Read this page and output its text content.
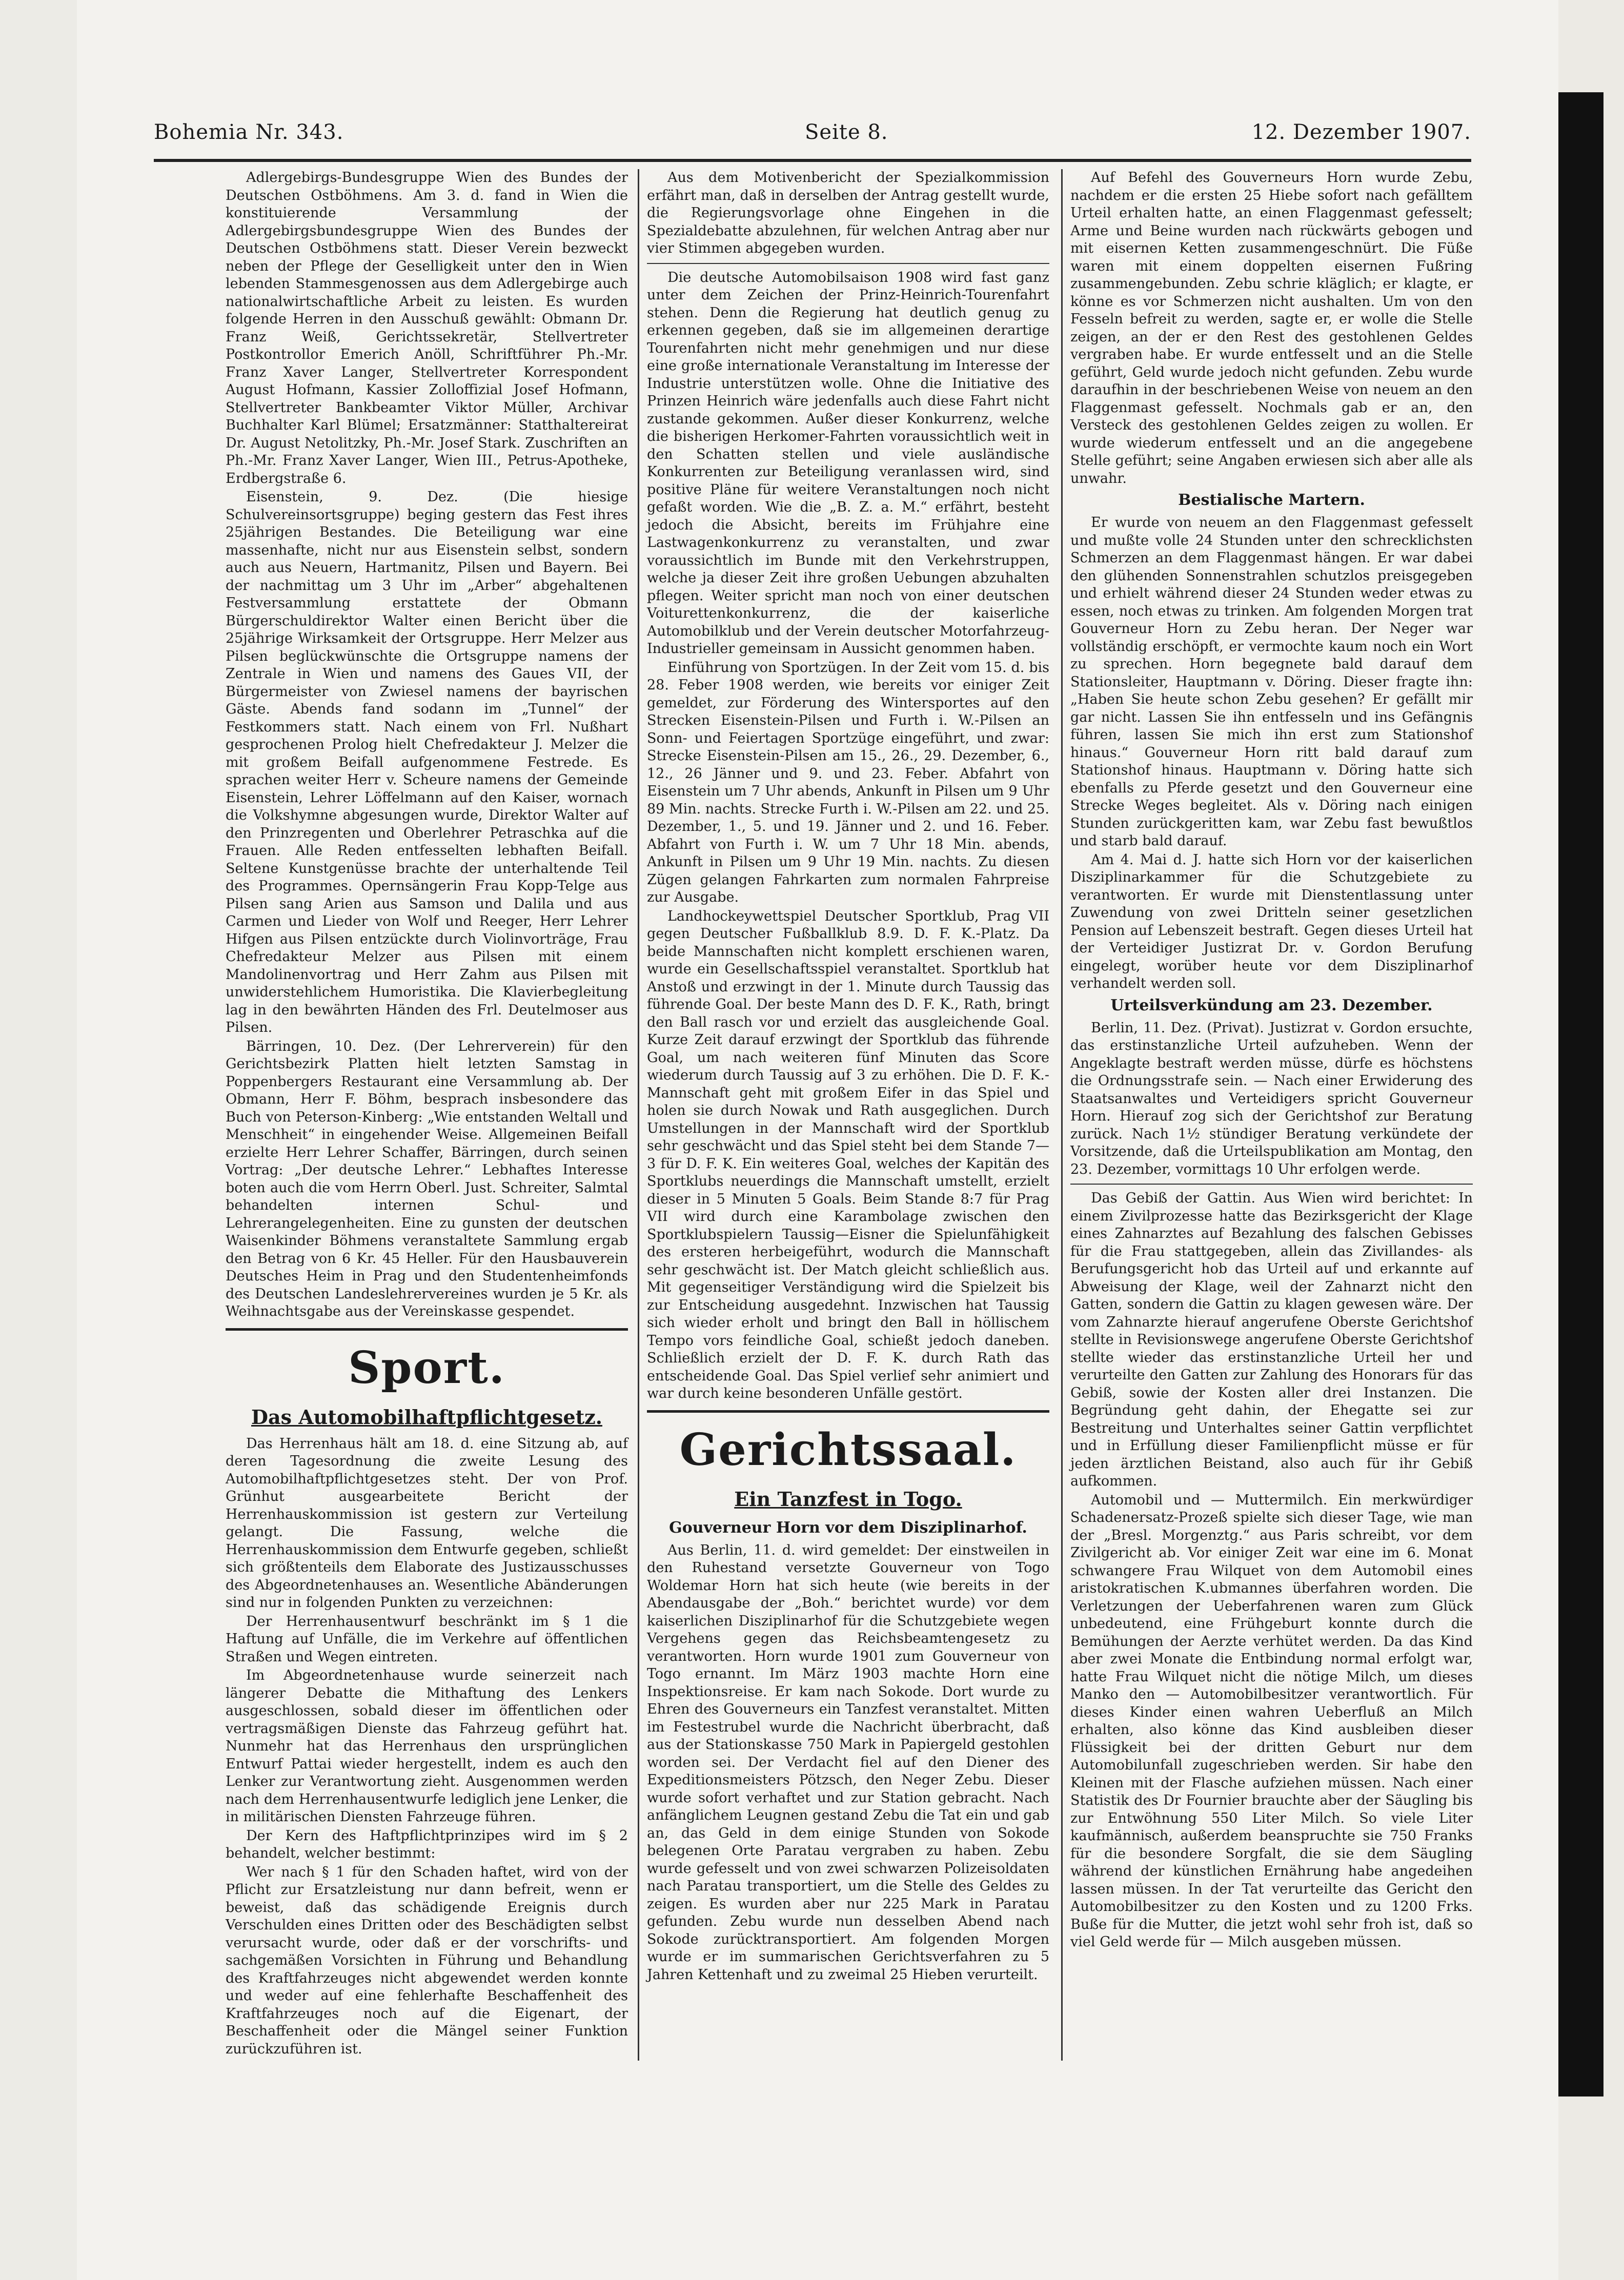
Bohemia Nr. 343.	Seite 8.	12. Dezember 1907.

Adlergebirgs-Bundesgruppe Wien des Bundes der Deutschen Ostböhmens. Am 3. d. fand in Wien die konstituierende Versammlung der Adlergebirgsbundesgruppe Wien des Bundes der Deutschen Ostböhmens statt. Dieser Verein bezweckt neben der Pflege der Geselligkeit unter den in Wien lebenden Stammesgenossen aus dem Adlergebirge auch nationalwirtschaftliche Arbeit zu leisten. Es wurden folgende Herren in den Ausschuß gewählt: Obmann Dr. Franz Weiß, Gerichtssekretär, Stellvertreter Postkontrollor Emerich Anöll, Schriftführer Ph.-Mr. Franz Xaver Langer, Stellvertreter Korrespondent August Hofmann, Kassier Zolloffizial Josef Hofmann, Stellvertreter Bankbeamter Viktor Müller, Archivar Buchhalter Karl Blümel; Ersatzmänner: Statthaltereirat Dr. August Netolitzky, Ph.-Mr. Josef Stark. Zuschriften an Ph.-Mr. Franz Xaver Langer, Wien III., Petrus-Apotheke, Erdbergstraße 6.

Eisenstein, 9. Dez. (Die hiesige Schulvereinsortsgruppe) beging gestern das Fest ihres 25jährigen Bestandes. Die Beteiligung war eine massenhafte, nicht nur aus Eisenstein selbst, sondern auch aus Neuern, Hartmanitz, Pilsen und Bayern. Bei der nachmittag um 3 Uhr im „Arber“ abgehaltenen Festversammlung erstattete der Obmann Bürgerschuldirektor Walter einen Bericht über die 25jährige Wirksamkeit der Ortsgruppe. Herr Melzer aus Pilsen beglückwünschte die Ortsgruppe namens der Zentrale in Wien und namens des Gaues VII, der Bürgermeister von Zwiesel namens der bayrischen Gäste. Abends fand sodann im „Tunnel“ der Festkommers statt. Nach einem von Frl. Nußhart gesprochenen Prolog hielt Chefredakteur J. Melzer die mit großem Beifall aufgenommene Festrede. Es sprachen weiter Herr v. Scheure namens der Gemeinde Eisenstein, Lehrer Löffelmann auf den Kaiser, wornach die Volkshymne abgesungen wurde, Direktor Walter auf den Prinzregenten und Oberlehrer Petraschka auf die Frauen. Alle Reden entfesselten lebhaften Beifall. Seltene Kunstgenüsse brachte der unterhaltende Teil des Programmes. Opernsängerin Frau Kopp-Telge aus Pilsen sang Arien aus Samson und Dalila und aus Carmen und Lieder von Wolf und Reeger, Herr Lehrer Hifgen aus Pilsen entzückte durch Violinvorträge, Frau Chefredakteur Melzer aus Pilsen mit einem Mandolinenvortrag und Herr Zahm aus Pilsen mit unwiderstehlichem Humoristika. Die Klavierbegleitung lag in den bewährten Händen des Frl. Deutelmoser aus Pilsen.

Bärringen, 10. Dez. (Der Lehrerverein) für den Gerichtsbezirk Platten hielt letzten Samstag in Poppenbergers Restaurant eine Versammlung ab. Der Obmann, Herr F. Böhm, besprach insbesondere das Buch von Peterson-Kinberg: „Wie entstanden Weltall und Menschheit“ in eingehender Weise. Allgemeinen Beifall erzielte Herr Lehrer Schaffer, Bärringen, durch seinen Vortrag: „Der deutsche Lehrer.“ Lebhaftes Interesse boten auch die vom Herrn Oberl. Just. Schreiter, Salmtal behandelten internen Schul- und Lehrerangelegenheiten. Eine zu gunsten der deutschen Waisenkinder Böhmens veranstaltete Sammlung ergab den Betrag von 6 Kr. 45 Heller. Für den Hausbauverein Deutsches Heim in Prag und den Studentenheimfonds des Deutschen Landeslehrervereines wurden je 5 Kr. als Weihnachtsgabe aus der Vereinskasse gespendet.

Sport.
Das Automobilhaftpflichtgesetz.

Das Herrenhaus hält am 18. d. eine Sitzung ab, auf deren Tagesordnung die zweite Lesung des Automobilhaftpflichtgesetzes steht. Der von Prof. Grünhut ausgearbeitete Bericht der Herrenhauskommission ist gestern zur Verteilung gelangt. Die Fassung, welche die Herrenhauskommission dem Entwurfe gegeben, schließt sich größtenteils dem Elaborate des Justizausschusses des Abgeordnetenhauses an. Wesentliche Abänderungen sind nur in folgenden Punkten zu verzeichnen:

Der Herrenhausentwurf beschränkt im § 1 die Haftung auf Unfälle, die im Verkehre auf öffentlichen Straßen und Wegen eintreten.

Im Abgeordnetenhause wurde seinerzeit nach längerer Debatte die Mithaftung des Lenkers ausgeschlossen, sobald dieser im öffentlichen oder vertragsmäßigen Dienste das Fahrzeug geführt hat. Nunmehr hat das Herrenhaus den ursprünglichen Entwurf Pattai wieder hergestellt, indem es auch den Lenker zur Verantwortung zieht. Ausgenommen werden nach dem Herrenhausentwurfe lediglich jene Lenker, die in militärischen Diensten Fahrzeuge führen.

Der Kern des Haftpflichtprinzipes wird im § 2 behandelt, welcher bestimmt:

Wer nach § 1 für den Schaden haftet, wird von der Pflicht zur Ersatzleistung nur dann befreit, wenn er beweist, daß das schädigende Ereignis durch Verschulden eines Dritten oder des Beschädigten selbst verursacht wurde, oder daß er der vorschrifts- und sachgemäßen Vorsichten in Führung und Behandlung des Kraftfahrzeuges nicht abgewendet werden konnte und weder auf eine fehlerhafte Beschaffenheit des Kraftfahrzeuges noch auf die Eigenart, der Beschaffenheit oder die Mängel seiner Funktion zurückzuführen ist.

Aus dem Motivenbericht der Spezialkommission erfährt man, daß in derselben der Antrag gestellt wurde, die Regierungsvorlage ohne Eingehen in die Spezialdebatte abzulehnen, für welchen Antrag aber nur vier Stimmen abgegeben wurden.

Die deutsche Automobilsaison 1908 wird fast ganz unter dem Zeichen der Prinz-Heinrich-Tourenfahrt stehen. Denn die Regierung hat deutlich genug zu erkennen gegeben, daß sie im allgemeinen derartige Tourenfahrten nicht mehr genehmigen und nur diese eine große internationale Veranstaltung im Interesse der Industrie unterstützen wolle. Ohne die Initiative des Prinzen Heinrich wäre jedenfalls auch diese Fahrt nicht zustande gekommen. Außer dieser Konkurrenz, welche die bisherigen Herkomer-Fahrten voraussichtlich weit in den Schatten stellen und viele ausländische Konkurrenten zur Beteiligung veranlassen wird, sind positive Pläne für weitere Veranstaltungen noch nicht gefaßt worden. Wie die „B. Z. a. M.“ erfährt, besteht jedoch die Absicht, bereits im Frühjahre eine Lastwagenkonkurrenz zu veranstalten, und zwar voraussichtlich im Bunde mit den Verkehrstruppen, welche ja dieser Zeit ihre großen Uebungen abzuhalten pflegen. Weiter spricht man noch von einer deutschen Voiturettenkonkurrenz, die der kaiserliche Automobilklub und der Verein deutscher Motorfahrzeug-Industrieller gemeinsam in Aussicht genommen haben.

Einführung von Sportzügen. In der Zeit vom 15. d. bis 28. Feber 1908 werden, wie bereits vor einiger Zeit gemeldet, zur Förderung des Wintersportes auf den Strecken Eisenstein-Pilsen und Furth i. W.-Pilsen an Sonn- und Feiertagen Sportzüge eingeführt, und zwar: Strecke Eisenstein-Pilsen am 15., 26., 29. Dezember, 6., 12., 26 Jänner und 9. und 23. Feber. Abfahrt von Eisenstein um 7 Uhr abends, Ankunft in Pilsen um 9 Uhr 89 Min. nachts. Strecke Furth i. W.-Pilsen am 22. und 25. Dezember, 1., 5. und 19. Jänner und 2. und 16. Feber. Abfahrt von Furth i. W. um 7 Uhr 18 Min. abends, Ankunft in Pilsen um 9 Uhr 19 Min. nachts. Zu diesen Zügen gelangen Fahrkarten zum normalen Fahrpreise zur Ausgabe.

Landhockeywettspiel Deutscher Sportklub, Prag VII gegen Deutscher Fußballklub 8.9. D. F. K.-Platz. Da beide Mannschaften nicht komplett erschienen waren, wurde ein Gesellschaftsspiel veranstaltet. Sportklub hat Anstoß und erzwingt in der 1. Minute durch Taussig das führende Goal. Der beste Mann des D. F. K., Rath, bringt den Ball rasch vor und erzielt das ausgleichende Goal. Kurze Zeit darauf erzwingt der Sportklub das führende Goal, um nach weiteren fünf Minuten das Score wiederum durch Taussig auf 3 zu erhöhen. Die D. F. K.-Mannschaft geht mit großem Eifer in das Spiel und holen sie durch Nowak und Rath ausgeglichen. Durch Umstellungen in der Mannschaft wird der Sportklub sehr geschwächt und das Spiel steht bei dem Stande 7—3 für D. F. K. Ein weiteres Goal, welches der Kapitän des Sportklubs neuerdings die Mannschaft umstellt, erzielt dieser in 5 Minuten 5 Goals. Beim Stande 8:7 für Prag VII wird durch eine Karambolage zwischen den Sportklubspielern Taussig—Eisner die Spielunfähigkeit des ersteren herbeigeführt, wodurch die Mannschaft sehr geschwächt ist. Der Match gleicht schließlich aus. Mit gegenseitiger Verständigung wird die Spielzeit bis zur Entscheidung ausgedehnt. Inzwischen hat Taussig sich wieder erholt und bringt den Ball in höllischem Tempo vors feindliche Goal, schießt jedoch daneben. Schließlich erzielt der D. F. K. durch Rath das entscheidende Goal. Das Spiel verlief sehr animiert und war durch keine besonderen Unfälle gestört.

Gerichtssaal.
Ein Tanzfest in Togo.
Gouverneur Horn vor dem Disziplinarhof.

Aus Berlin, 11. d. wird gemeldet: Der einstweilen in den Ruhestand versetzte Gouverneur von Togo Woldemar Horn hat sich heute (wie bereits in der Abendausgabe der „Boh.“ berichtet wurde) vor dem kaiserlichen Disziplinarhof für die Schutzgebiete wegen Vergehens gegen das Reichsbeamtengesetz zu verantworten. Horn wurde 1901 zum Gouverneur von Togo ernannt. Im März 1903 machte Horn eine Inspektionsreise. Er kam nach Sokode. Dort wurde zu Ehren des Gouverneurs ein Tanzfest veranstaltet. Mitten im Festestrubel wurde die Nachricht überbracht, daß aus der Stationskasse 750 Mark in Papiergeld gestohlen worden sei. Der Verdacht fiel auf den Diener des Expeditionsmeisters Pötzsch, den Neger Zebu. Dieser wurde sofort verhaftet und zur Station gebracht. Nach anfänglichem Leugnen gestand Zebu die Tat ein und gab an, das Geld in dem einige Stunden von Sokode belegenen Orte Paratau vergraben zu haben. Zebu wurde gefesselt und von zwei schwarzen Polizeisoldaten nach Paratau transportiert, um die Stelle des Geldes zu zeigen. Es wurden aber nur 225 Mark in Paratau gefunden. Zebu wurde nun desselben Abend nach Sokode zurücktransportiert. Am folgenden Morgen wurde er im summarischen Gerichtsverfahren zu 5 Jahren Kettenhaft und zu zweimal 25 Hieben verurteilt.

Auf Befehl des Gouverneurs Horn wurde Zebu, nachdem er die ersten 25 Hiebe sofort nach gefälltem Urteil erhalten hatte, an einen Flaggenmast gefesselt; Arme und Beine wurden nach rückwärts gebogen und mit eisernen Ketten zusammengeschnürt. Die Füße waren mit einem doppelten eisernen Fußring zusammengebunden. Zebu schrie kläglich; er klagte, er könne es vor Schmerzen nicht aushalten. Um von den Fesseln befreit zu werden, sagte er, er wolle die Stelle zeigen, an der er den Rest des gestohlenen Geldes vergraben habe. Er wurde entfesselt und an die Stelle geführt, Geld wurde jedoch nicht gefunden. Zebu wurde daraufhin in der beschriebenen Weise von neuem an den Flaggenmast gefesselt. Nochmals gab er an, den Versteck des gestohlenen Geldes zeigen zu wollen. Er wurde wiederum entfesselt und an die angegebene Stelle geführt; seine Angaben erwiesen sich aber alle als unwahr.

Bestialische Martern.

Er wurde von neuem an den Flaggenmast gefesselt und mußte volle 24 Stunden unter den schrecklichsten Schmerzen an dem Flaggenmast hängen. Er war dabei den glühenden Sonnenstrahlen schutzlos preisgegeben und erhielt während dieser 24 Stunden weder etwas zu essen, noch etwas zu trinken. Am folgenden Morgen trat Gouverneur Horn zu Zebu heran. Der Neger war vollständig erschöpft, er vermochte kaum noch ein Wort zu sprechen. Horn begegnete bald darauf dem Stationsleiter, Hauptmann v. Döring. Dieser fragte ihn: „Haben Sie heute schon Zebu gesehen? Er gefällt mir gar nicht. Lassen Sie ihn entfesseln und ins Gefängnis führen, lassen Sie mich ihn erst zum Stationshof hinaus.“ Gouverneur Horn ritt bald darauf zum Stationshof hinaus. Hauptmann v. Döring hatte sich ebenfalls zu Pferde gesetzt und den Gouverneur eine Strecke Weges begleitet. Als v. Döring nach einigen Stunden zurückgeritten kam, war Zebu fast bewußtlos und starb bald darauf.

Am 4. Mai d. J. hatte sich Horn vor der kaiserlichen Disziplinarkammer für die Schutzgebiete zu verantworten. Er wurde mit Dienstentlassung unter Zuwendung von zwei Dritteln seiner gesetzlichen Pension auf Lebenszeit bestraft. Gegen dieses Urteil hat der Verteidiger Justizrat Dr. v. Gordon Berufung eingelegt, worüber heute vor dem Disziplinarhof verhandelt werden soll.

Urteilsverkündung am 23. Dezember.

Berlin, 11. Dez. (Privat). Justizrat v. Gordon ersuchte, das erstinstanzliche Urteil aufzuheben. Wenn der Angeklagte bestraft werden müsse, dürfe es höchstens die Ordnungsstrafe sein. — Nach einer Erwiderung des Staatsanwaltes und Verteidigers spricht Gouverneur Horn. Hierauf zog sich der Gerichtshof zur Beratung zurück. Nach 1½ stündiger Beratung verkündete der Vorsitzende, daß die Urteilspublikation am Montag, den 23. Dezember, vormittags 10 Uhr erfolgen werde.

Das Gebiß der Gattin. Aus Wien wird berichtet: In einem Zivilprozesse hatte das Bezirksgericht der Klage eines Zahnarztes auf Bezahlung des falschen Gebisses für die Frau stattgegeben, allein das Zivillandes- als Berufungsgericht hob das Urteil auf und erkannte auf Abweisung der Klage, weil der Zahnarzt nicht den Gatten, sondern die Gattin zu klagen gewesen wäre. Der vom Zahnarzte hierauf angerufene Oberste Gerichtshof stellte in Revisionswege angerufene Oberste Gerichtshof stellte wieder das erstinstanzliche Urteil her und verurteilte den Gatten zur Zahlung des Honorars für das Gebiß, sowie der Kosten aller drei Instanzen. Die Begründung geht dahin, der Ehegatte sei zur Bestreitung und Unterhaltes seiner Gattin verpflichtet und in Erfüllung dieser Familienpflicht müsse er für jeden ärztlichen Beistand, also auch für ihr Gebiß aufkommen.

Automobil und — Muttermilch. Ein merkwürdiger Schadenersatz-Prozeß spielte sich dieser Tage, wie man der „Bresl. Morgenztg.“ aus Paris schreibt, vor dem Zivilgericht ab. Vor einiger Zeit war eine im 6. Monat schwangere Frau Wilquet von dem Automobil eines aristokratischen K.ubmannes überfahren worden. Die Verletzungen der Ueberfahrenen waren zum Glück unbedeutend, eine Frühgeburt konnte durch die Bemühungen der Aerzte verhütet werden. Da das Kind aber zwei Monate die Entbindung normal erfolgt war, hatte Frau Wilquet nicht die nötige Milch, um dieses Manko den — Automobilbesitzer verantwortlich. Für dieses Kinder einen wahren Ueberfluß an Milch erhalten, also könne das Kind ausbleiben dieser Flüssigkeit bei der dritten Geburt nur dem Automobilunfall zugeschrieben werden. Sir habe den Kleinen mit der Flasche aufziehen müssen. Nach einer Statistik des Dr Fournier brauchte aber der Säugling bis zur Entwöhnung 550 Liter Milch. So viele Liter kaufmännisch, außerdem beanspruchte sie 750 Franks für die besondere Sorgfalt, die sie dem Säugling während der künstlichen Ernährung habe angedeihen lassen müssen. In der Tat verurteilte das Gericht den Automobilbesitzer zu den Kosten und zu 1200 Frks. Buße für die Mutter, die jetzt wohl sehr froh ist, daß so viel Geld werde für — Milch ausgeben müssen.
